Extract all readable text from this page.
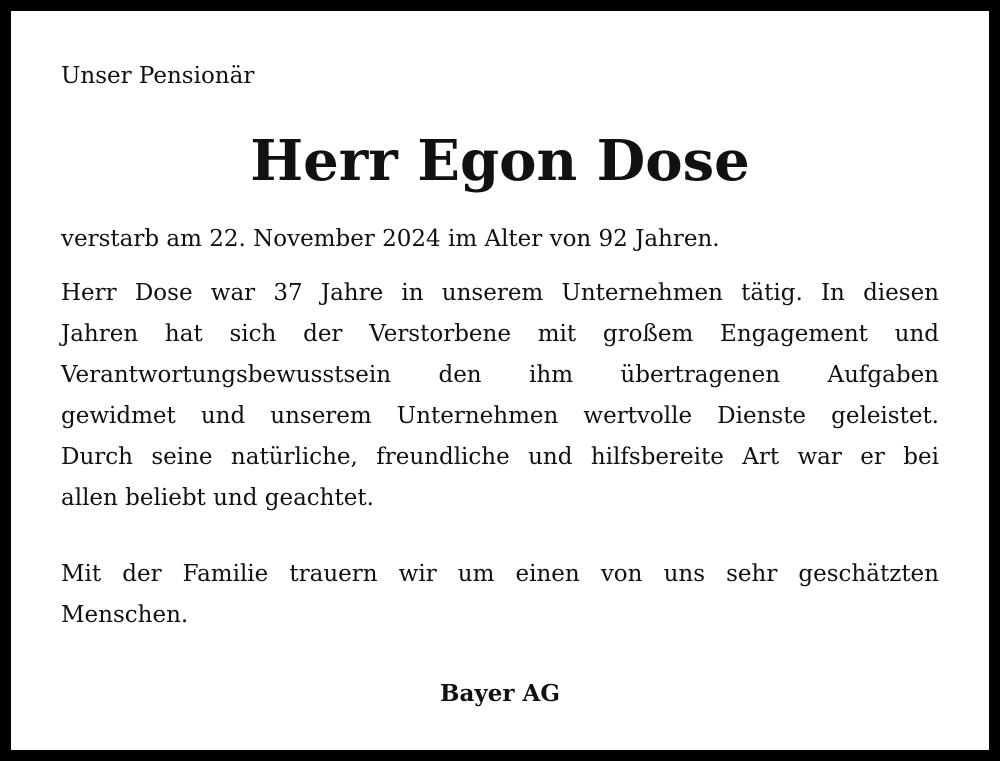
Unser Pensionär

Herr Egon Dose

verstarb am 22. November 2024 im Alter von 92 Jahren.

Herr Dose war 37 Jahre in unserem Unternehmen tätig. In diesen
Jahren hat sich der Verstorbene mit großem Engagement und
Verantwortungsbewusstsein den ihm übertragenen Aufgaben
gewidmet und unserem Unternehmen wertvolle Dienste geleistet.
Durch seine natürliche, freundliche und hilfsbereite Art war er bei
allen beliebt und geachtet.
Mit der Familie trauern wir um einen von uns sehr geschätzten
Menschen.

Bayer AG
